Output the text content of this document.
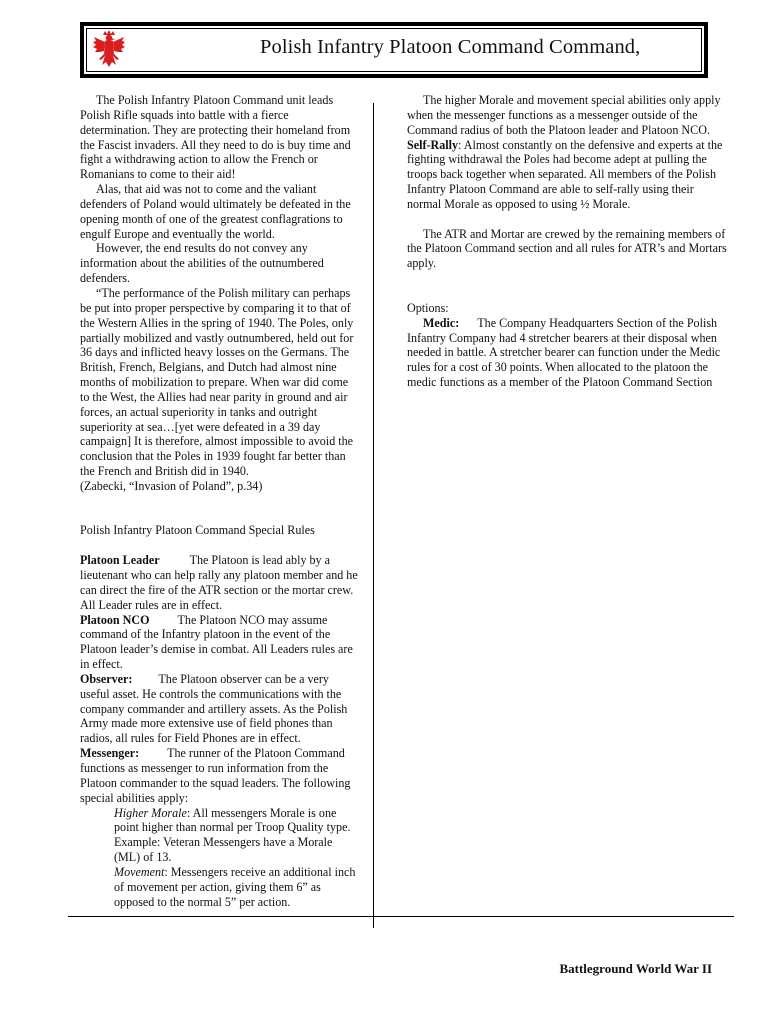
Polish Infantry Platoon Command Command,

The Polish Infantry Platoon Command unit leads Polish Rifle squads into battle with a fierce determination. They are protecting their homeland from the Fascist invaders. All they need to do is buy time and fight a withdrawing action to allow the French or Romanians to come to their aid!

Alas, that aid was not to come and the valiant defenders of Poland would ultimately be defeated in the opening month of one of the greatest conflagrations to engulf Europe and eventually the world.

However, the end results do not convey any information about the abilities of the outnumbered defenders.

“The performance of the Polish military can perhaps be put into proper perspective by comparing it to that of the Western Allies in the spring of 1940. The Poles, only partially mobilized and vastly outnumbered, held out for 36 days and inflicted heavy losses on the Germans. The British, French, Belgians, and Dutch had almost nine months of mobilization to prepare. When war did come to the West, the Allies had near parity in ground and air forces, an actual superiority in tanks and outright superiority at sea…[yet were defeated in a 39 day campaign] It is therefore, almost impossible to avoid the conclusion that the Poles in 1939 fought far better than the French and British did in 1940.

(Zabecki, “Invasion of Poland”, p.34)

Polish Infantry Platoon Command Special Rules

Platoon Leader The Platoon is lead ably by a lieutenant who can help rally any platoon member and he can direct the fire of the ATR section or the mortar crew. All Leader rules are in effect.

Platoon NCO The Platoon NCO may assume command of the Infantry platoon in the event of the Platoon leader’s demise in combat. All Leaders rules are in effect.

Observer: The Platoon observer can be a very useful asset. He controls the communications with the company commander and artillery assets. As the Polish Army made more extensive use of field phones than radios, all rules for Field Phones are in effect.

Messenger: The runner of the Platoon Command functions as messenger to run information from the Platoon commander to the squad leaders. The following special abilities apply:

Higher Morale: All messengers Morale is one point higher than normal per Troop Quality type. Example: Veteran Messengers have a Morale (ML) of 13.

Movement: Messengers receive an additional inch of movement per action, giving them 6” as opposed to the normal 5” per action.

The higher Morale and movement special abilities only apply when the messenger functions as a messenger outside of the Command radius of both the Platoon leader and Platoon NCO.

Self-Rally: Almost constantly on the defensive and experts at the fighting withdrawal the Poles had become adept at pulling the troops back together when separated. All members of the Polish Infantry Platoon Command are able to self-rally using their normal Morale as opposed to using ½ Morale.

The ATR and Mortar are crewed by the remaining members of the Platoon Command section and all rules for ATR’s and Mortars apply.

Options:

Medic: The Company Headquarters Section of the Polish Infantry Company had 4 stretcher bearers at their disposal when needed in battle. A stretcher bearer can function under the Medic rules for a cost of 30 points. When allocated to the platoon the medic functions as a member of the Platoon Command Section

Battleground World War II
